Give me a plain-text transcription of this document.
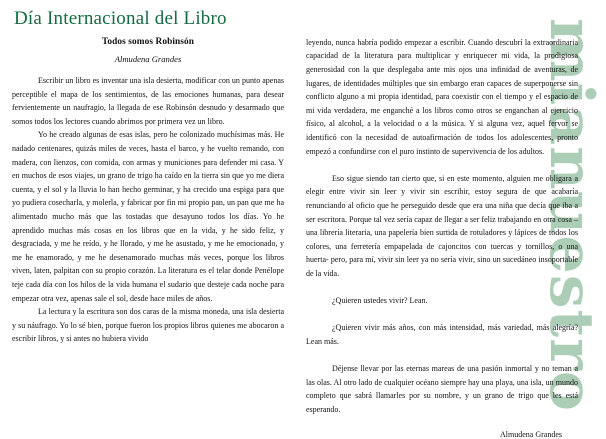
mianuestro
Día Internacional del Libro
Todos somos Robinsón
Almudena Grandes

Escribir un libro es inventar una isla desierta, modificar con un punto apenas perceptible el mapa de los sentimientos, de las emociones humanas, para desear fervientemente un naufragio, la llegada de ese Robinsón desnudo y desarmado que somos todos los lectores cuando abrimos por primera vez un libro.

Yo he creado algunas de esas islas, pero he colonizado muchísimas más. He nadado centenares, quizás miles de veces, hasta el barco, y he vuelto remando, con madera, con lienzos, con comida, con armas y municiones para defender mi casa. Y en muchos de esos viajes, un grano de trigo ha caído en la tierra sin que yo me diera cuenta, y el sol y la lluvia lo han hecho germinar, y ha crecido una espiga para que yo pudiera cosecharla, y molerla, y fabricar por fin mi propio pan, un pan que me ha alimentado mucho más que las tostadas que desayuno todos los días. Yo he aprendido muchas más cosas en los libros que en la vida, y he sido feliz, y desgraciada, y me he reído, y he llorado, y me he asustado, y me he emocionado, y me he enamorado, y me he desenamorado muchas más veces, porque los libros viven, laten, palpitan con su propio corazón. La literatura es el telar donde Penélope teje cada día con los hilos de la vida humana el sudario que desteje cada noche para empezar otra vez, apenas sale el sol, desde hace miles de años.

La lectura y la escritura son dos caras de la misma moneda, una isla desierta y su náufrago. Yo lo sé bien, porque fueron los propios libros quienes me abocaron a escribir libros, y si antes no hubiera vivido

leyendo, nunca habría podido empezar a escribir. Cuando descubrí la extraordinaria capacidad de la literatura para multiplicar y enriquecer mi vida, la prodigiosa generosidad con la que desplegaba ante mis ojos una infinidad de aventuras, de lugares, de identidades múltiples que sin embargo eran capaces de superponerse sin conflicto alguno a mi propia identidad, para coexistir con el tiempo y el espacio de mi vida verdadera, me enganché a los libros como otros se enganchan al ejercicio físico, al alcohol, a la velocidad o a la música. Y si alguna vez, aquel fervor se identificó con la necesidad de autoafirmación de todos los adolescentes, pronto empezó a confundirse con el puro instinto de supervivencia de los adultos.

Eso sigue siendo tan cierto que, si en este momento, alguien me obligara a elegir entre vivir sin leer y vivir sin escribir, estoy segura de que acabaría renunciando al oficio que he perseguido desde que era una niña que decía que iba a ser escritora. Porque tal vez sería capaz de llegar a ser feliz trabajando en otra cosa –una librería literaria, una papelería bien surtida de rotuladores y lápices de todos los colores, una ferretería empapelada de cajoncitos con tuercas y tornillos, o una huerta- pero, para mí, vivir sin leer ya no sería vivir, sino un sucedáneo insoportable de la vida.

¿Quieren ustedes vivir? Lean.

¿Quieren vivir más años, con más intensidad, más variedad, más alegría? Lean más.

Déjense llevar por las eternas mareas de una pasión inmortal y no teman a las olas. Al otro lado de cualquier océano siempre hay una playa, una isla, un mundo completo que sabrá llamarles por su nombre, y un grano de trigo que les está esperando.

Almudena Grandes
